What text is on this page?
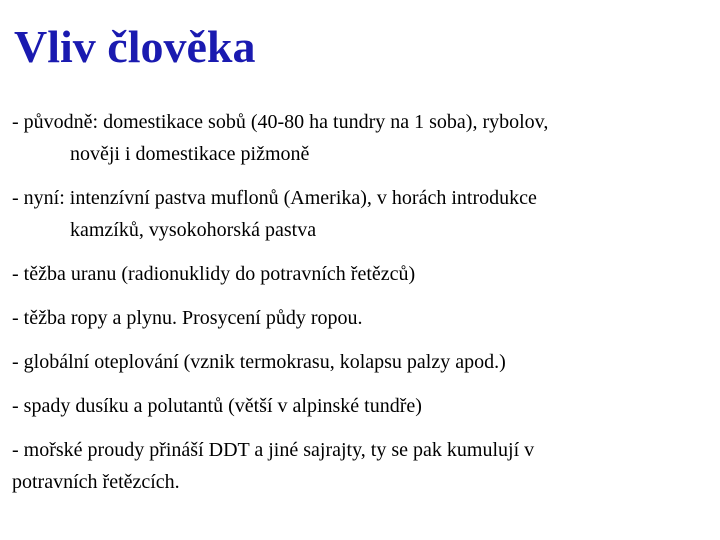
Vliv člověka
- původně: domestikace sobů (40-80 ha tundry na 1 soba), rybolov,
nověji i domestikace pižmoně
- nyní: intenzívní pastva muflonů (Amerika), v horách introdukce
kamzíků, vysokohorská pastva
- těžba uranu (radionuklidy do potravních řetězců)
- těžba ropy a plynu. Prosycení půdy ropou.
- globální oteplování (vznik termokrasu, kolapsu palzy apod.)
- spady dusíku a polutantů (větší v alpinské tundře)
- mořské proudy přináší DDT a jiné sajrajty, ty se pak kumulují v
potravních řetězcích.
